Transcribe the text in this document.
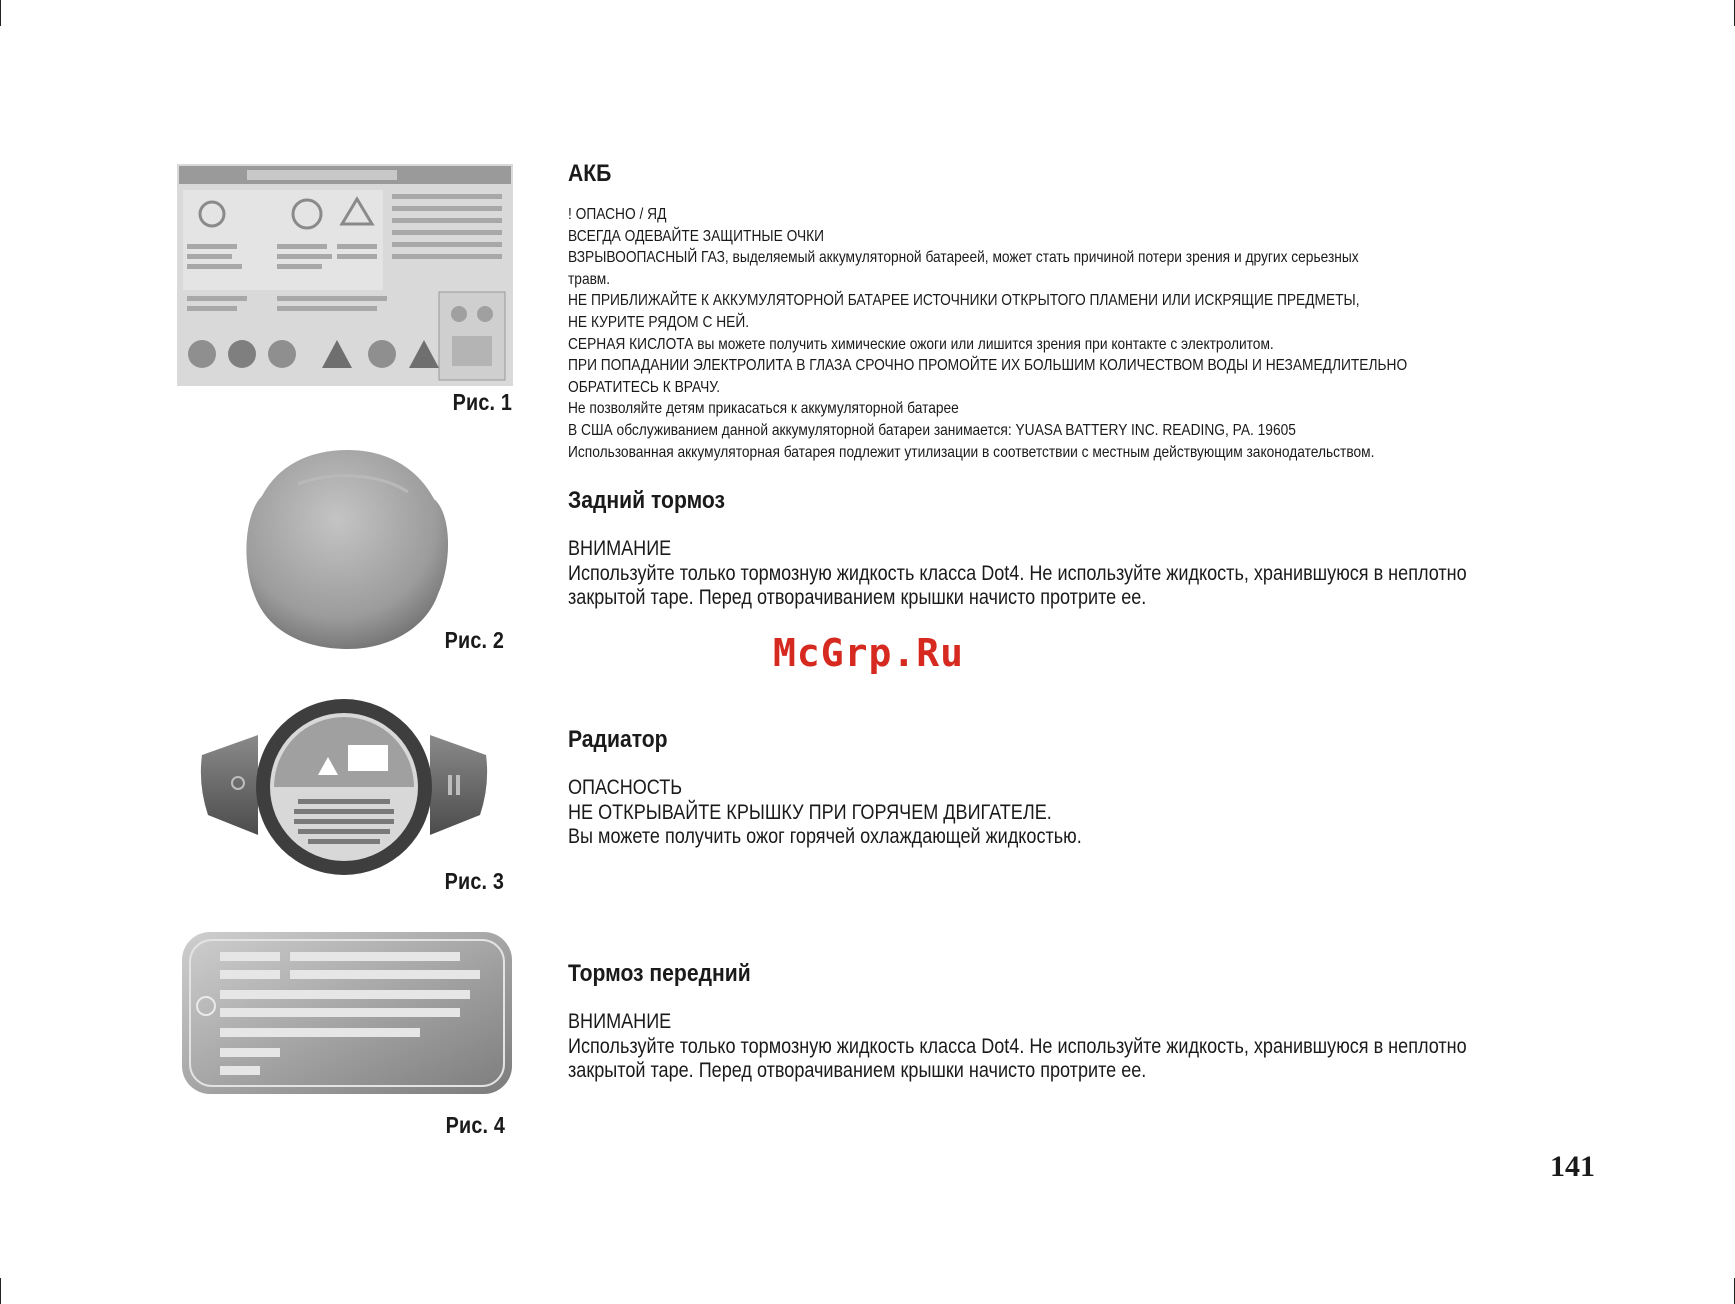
Рис. 1
Рис. 2
Рис. 3
Рис. 4
АКБ
! ОПАСНО / ЯД
ВСЕГДА ОДЕВАЙТЕ ЗАЩИТНЫЕ ОЧКИ
ВЗРЫВООПАСНЫЙ ГАЗ, выделяемый аккумуляторной батареей, может стать причиной потери зрения и других серьезных
травм.
НЕ ПРИБЛИЖАЙТЕ К АККУМУЛЯТОРНОЙ БАТАРЕЕ ИСТОЧНИКИ ОТКРЫТОГО ПЛАМЕНИ ИЛИ ИСКРЯЩИЕ ПРЕДМЕТЫ,
НЕ КУРИТЕ РЯДОМ С НЕЙ.
СЕРНАЯ КИСЛОТА вы можете получить химические ожоги или лишится зрения при контакте с электролитом.
ПРИ ПОПАДАНИИ ЭЛЕКТРОЛИТА В ГЛАЗА СРОЧНО ПРОМОЙТЕ ИХ БОЛЬШИМ КОЛИЧЕСТВОМ ВОДЫ И НЕЗАМЕДЛИТЕЛЬНО
ОБРАТИТЕСЬ К ВРАЧУ.
Не позволяйте детям прикасаться к аккумуляторной батарее
В США обслуживанием данной аккумуляторной батареи занимается: YUASA BATTERY INC. READING, PA. 19605
Использованная аккумуляторная батарея подлежит утилизации в соответствии с местным действующим законодательством.
Задний тормоз
ВНИМАНИЕ
Используйте только тормозную жидкость класса Dot4. Не используйте жидкость, хранившуюся в неплотно
закрытой таре. Перед отворачиванием крышки начисто протрите ее.
Радиатор
ОПАСНОСТЬ
НЕ ОТКРЫВАЙТЕ КРЫШКУ ПРИ ГОРЯЧЕМ ДВИГАТЕЛЕ.
Вы можете получить ожог горячей охлаждающей жидкостью.
Тормоз передний
ВНИМАНИЕ
Используйте только тормозную жидкость класса Dot4. Не используйте жидкость, хранившуюся в неплотно
закрытой таре. Перед отворачиванием крышки начисто протрите ее.
McGrp.Ru
141
